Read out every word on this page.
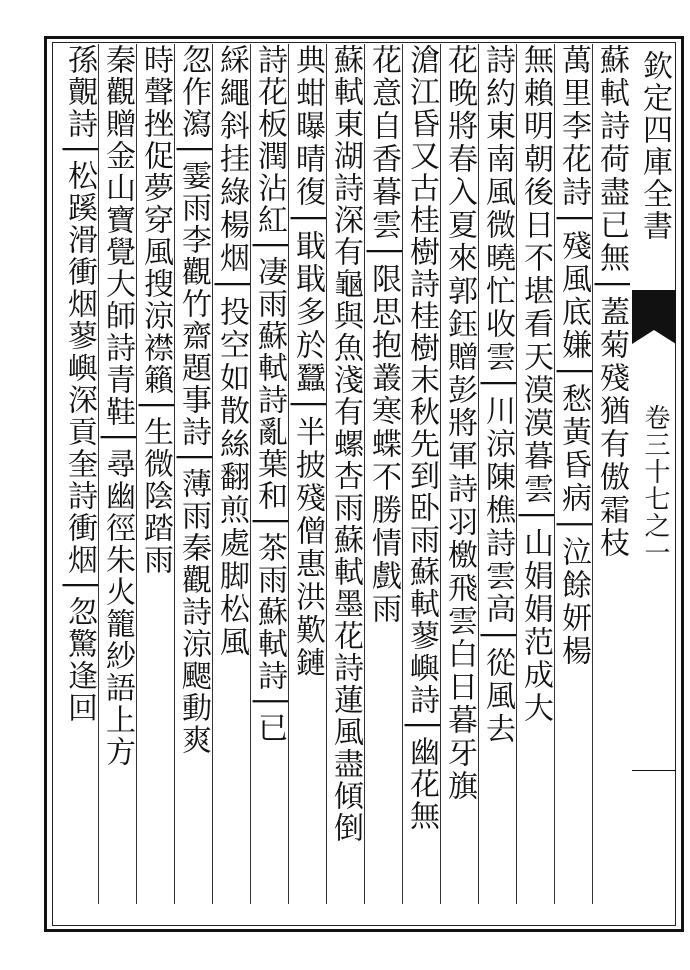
欽定四庫全書
卷三十七之一
蘇軾詩荷盡已無│蓋菊殘猶有傲霜枝
萬里李花詩│殘風底嫌│愁黃昏病│泣餘妍楊
無賴明朝後日不堪看天漠漠暮雲│山娟娟范成大
詩約東南風微曉忙收雲│川涼陳樵詩雲高│從風去
花晚將春入夏來郭鈺贈彭將軍詩羽檄飛雲白日暮牙旗
滄江昏又古桂樹詩桂樹末秋先到卧雨蘇軾蓼嶼詩│幽花無
花意自香暮雲│限思抱叢寒蝶不勝情戲雨
蘇軾東湖詩深有龜與魚淺有螺杏雨蘇軾墨花詩蓮風盡傾倒
典蚶曝晴復│戢戢多於蠶│半披殘僧惠洪歎鏈
詩花板潤沾紅│凄雨蘇軾詩亂葉和│茶雨蘇軾詩│已
綵繩斜挂綠楊烟│投空如散絲翻煎處脚松風
忽作瀉│霎雨李觀竹齋題事詩│薄雨秦觀詩涼颸動爽
時聲挫促夢穿風搜涼襟籟│生微陰踏雨
秦觀贈金山寶覺大師詩青鞋│尋幽徑朱火籠紗語上方
孫覿詩│松蹊滑衝烟蓼嶼深貢奎詩衝烟│忽驚逢回
